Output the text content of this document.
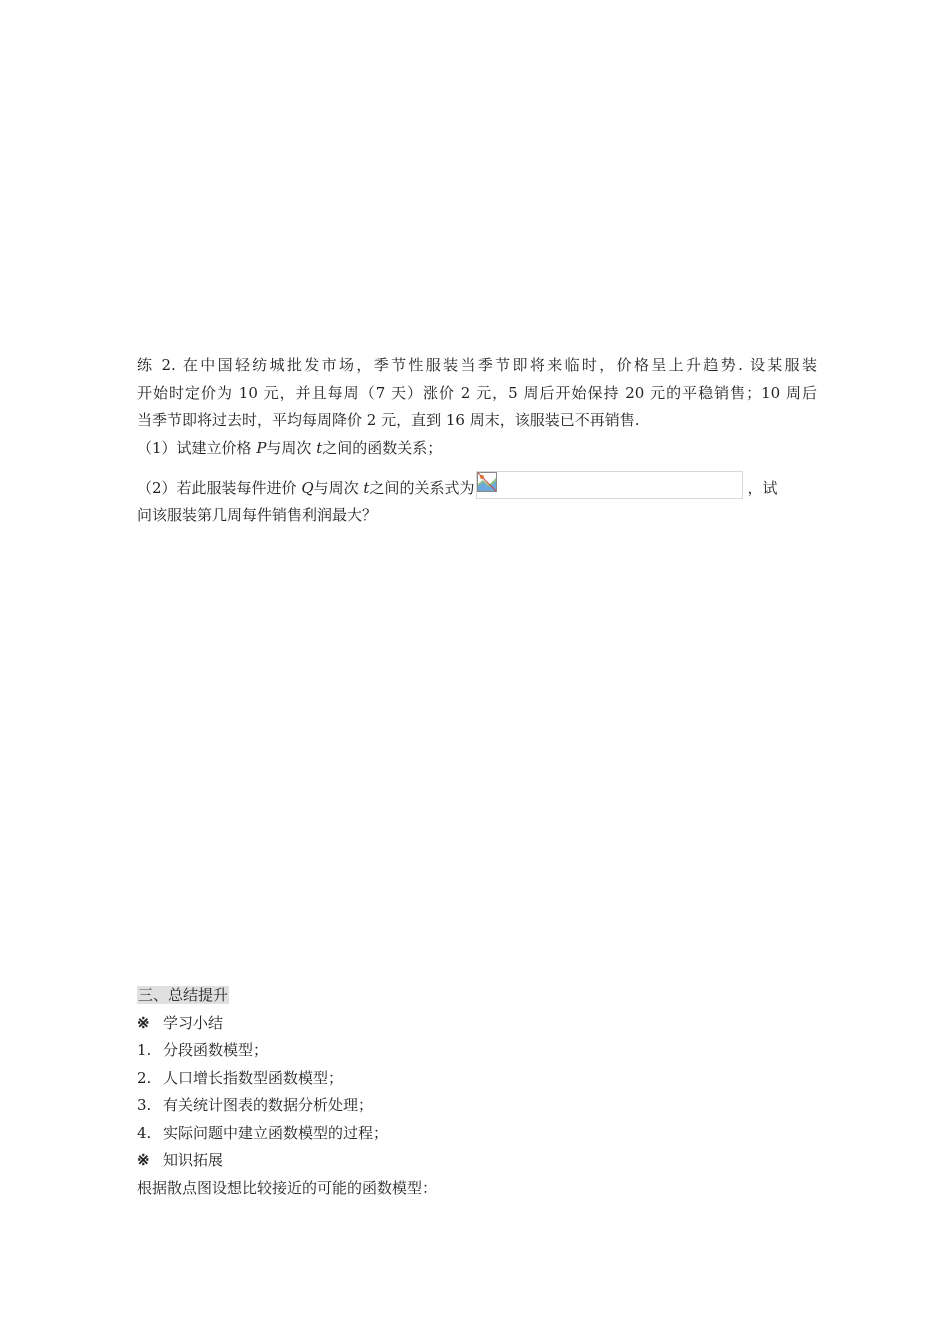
练 2. 在中国轻纺城批发市场，季节性服装当季节即将来临时，价格呈上升趋势. 设某服装
开始时定价为 10 元，并且每周（7 天）涨价 2 元，5 周后开始保持 20 元的平稳销售；10 周后
当季节即将过去时，平均每周降价 2 元，直到 16 周末，该服装已不再销售.
（1）试建立价格 P与周次 t之间的函数关系；
（2）若此服装每件进价 Q与周次 t之间的关系式为	，试
问该服装第几周每件销售利润最大？
三、总结提升
※ 学习小结
1. 分段函数模型；
2. 人口增长指数型函数模型；
3. 有关统计图表的数据分析处理；
4. 实际问题中建立函数模型的过程；
※ 知识拓展
根据散点图设想比较接近的可能的函数模型：
